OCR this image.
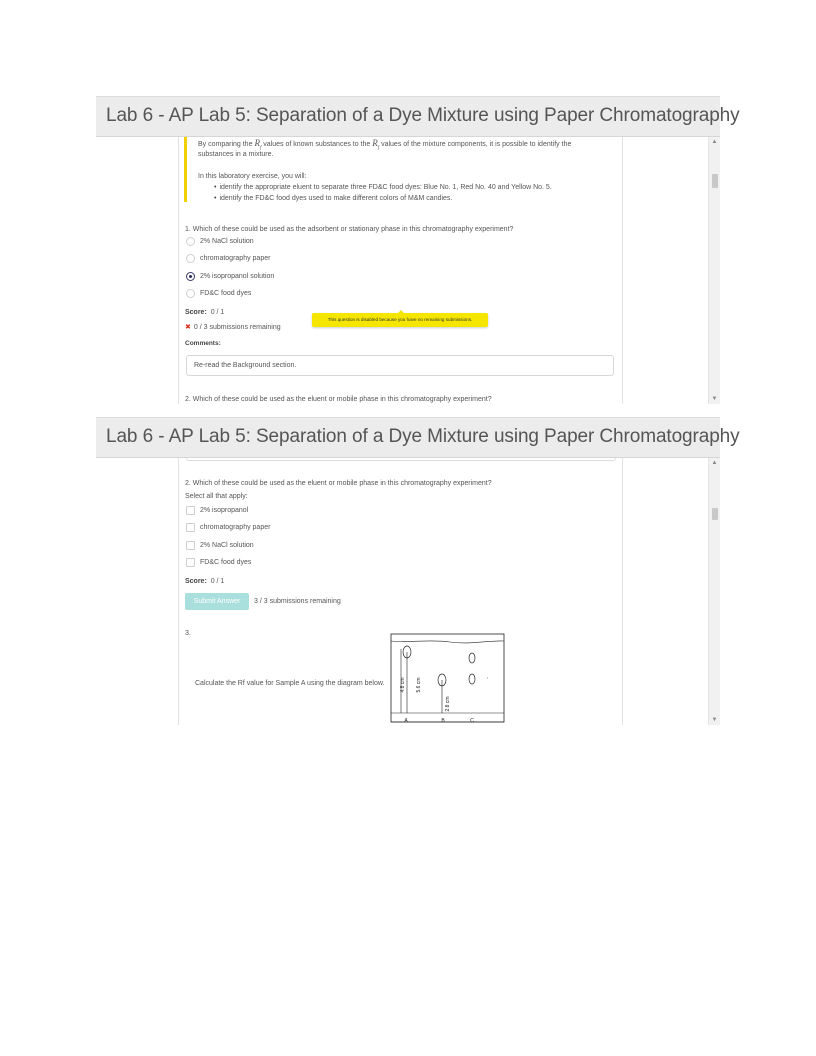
Lab 6 - AP Lab 5: Separation of a Dye Mixture using Paper Chromatography
By comparing the $R_f$ values of known substances to the $R_f$ values of the mixture components, it is possible to identify the
substances in a mixture.
In this laboratory exercise, you will:
• identify the appropriate eluent to separate three FD&C food dyes: Blue No. 1, Red No. 40 and Yellow No. 5.
• identify the FD&C food dyes used to make different colors of M&M candies.
1. Which of these could be used as the adsorbent or stationary phase in this chromatography experiment?
2% NaCl solution
chromatography paper
2% isopropanol solution
FD&C food dyes
Score: 0 / 1
✖ 0 / 3 submissions remaining
This question is disabled because you have no remaining submissions.
Comments:
Re-read the Background section.
2. Which of these could be used as the eluent or mobile phase in this chromatography experiment?
▲
▼
Lab 6 - AP Lab 5: Separation of a Dye Mixture using Paper Chromatography
2. Which of these could be used as the eluent or mobile phase in this chromatography experiment?
Select all that apply:
2% isopropanol
chromatography paper
2% NaCl solution
FD&C food dyes
Score: 0 / 1
Submit Answer	3 / 3 submissions remaining
3.
Calculate the Rf value for Sample A using the diagram below.	4.8 cm 5.6 cm
2.8 cm
A	B	C
▲
▼
